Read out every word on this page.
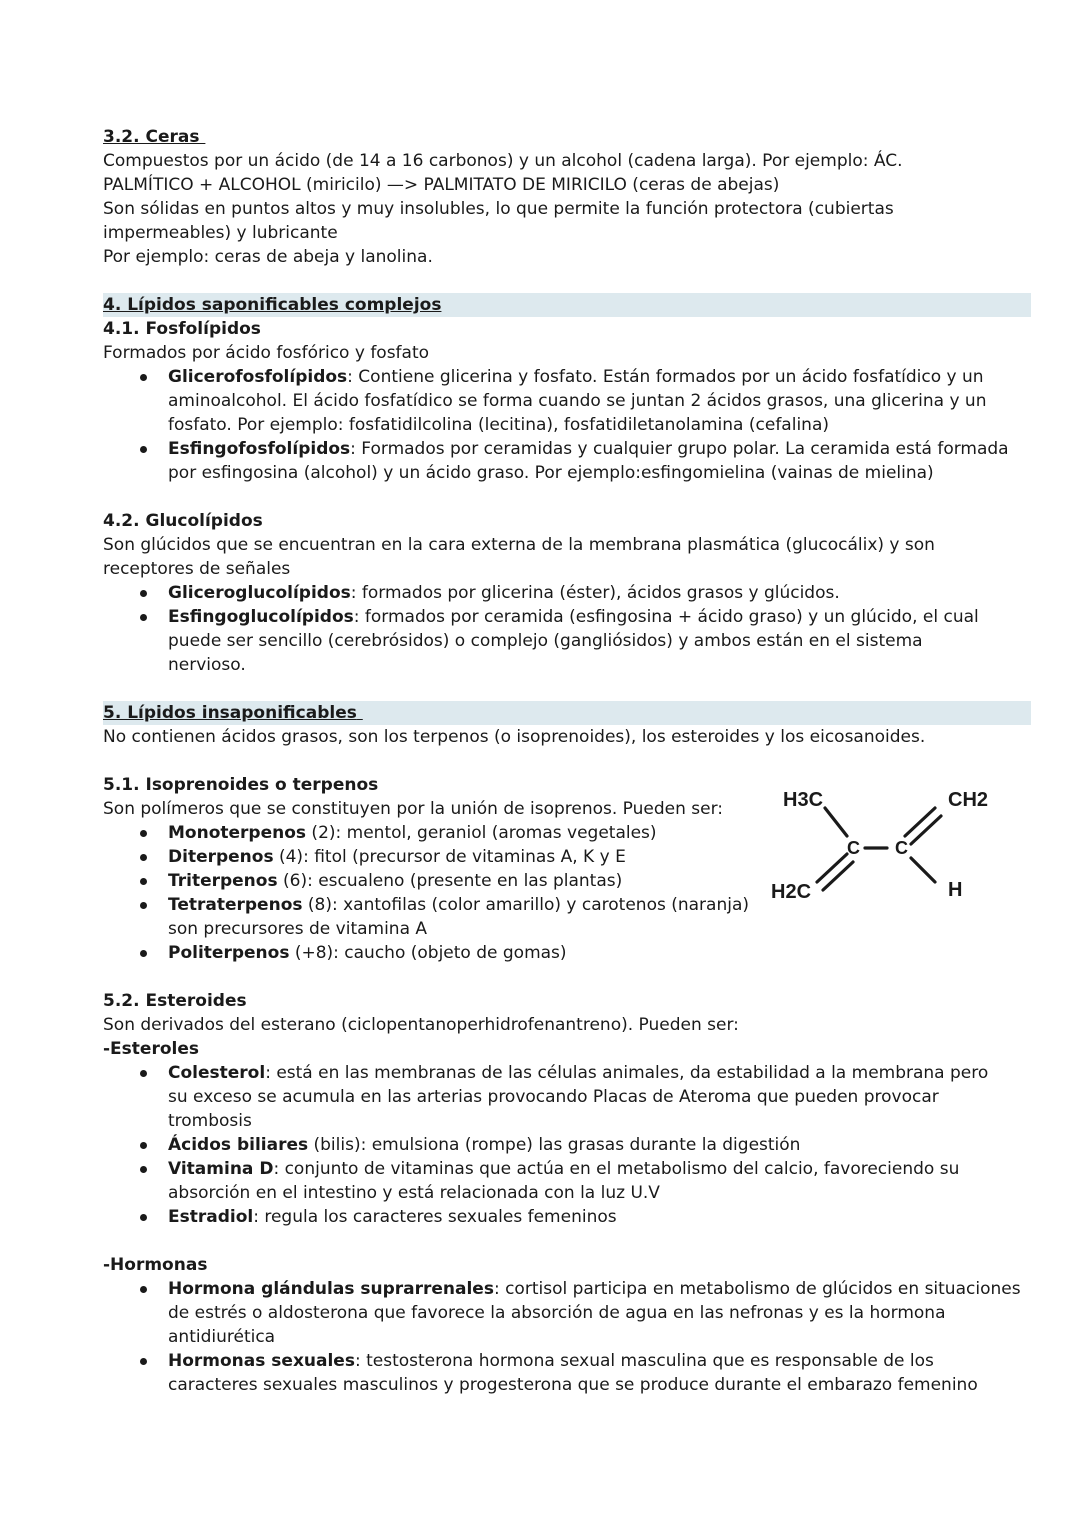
3.2. Ceras
Compuestos por un ácido (de 14 a 16 carbonos) y un alcohol (cadena larga). Por ejemplo: ÁC.
PALMÍTICO + ALCOHOL (miricilo) —> PALMITATO DE MIRICILO (ceras de abejas)
Son sólidas en puntos altos y muy insolubles, lo que permite la función protectora (cubiertas
impermeables) y lubricante
Por ejemplo: ceras de abeja y lanolina.
4. Lípidos saponificables complejos
4.1. Fosfolípidos
Formados por ácido fosfórico y fosfato
Glicerofosfolípidos: Contiene glicerina y fosfato. Están formados por un ácido fosfatídico y un
aminoalcohol. El ácido fosfatídico se forma cuando se juntan 2 ácidos grasos, una glicerina y un
fosfato. Por ejemplo: fosfatidilcolina (lecitina), fosfatidiletanolamina (cefalina)
Esfingofosfolípidos: Formados por ceramidas y cualquier grupo polar. La ceramida está formada
por esfingosina (alcohol) y un ácido graso. Por ejemplo:esfingomielina (vainas de mielina)
4.2. Glucolípidos
Son glúcidos que se encuentran en la cara externa de la membrana plasmática (glucocálix) y son
receptores de señales
Gliceroglucolípidos: formados por glicerina (éster), ácidos grasos y glúcidos.
Esfingoglucolípidos: formados por ceramida (esfingosina + ácido graso) y un glúcido, el cual
puede ser sencillo (cerebrósidos) o complejo (gangliósidos) y ambos están en el sistema
nervioso.
5. Lípidos insaponificables
No contienen ácidos grasos, son los terpenos (o isoprenoides), los esteroides y los eicosanoides.
5.1. Isoprenoides o terpenos
Son polímeros que se constituyen por la unión de isoprenos. Pueden ser:
Monoterpenos (2): mentol, geraniol (aromas vegetales)
Diterpenos (4): fitol (precursor de vitaminas A, K y E
Triterpenos (6): escualeno (presente en las plantas)
Tetraterpenos (8): xantofilas (color amarillo) y carotenos (naranja)
son precursores de vitamina A
Politerpenos (+8): caucho (objeto de gomas)
5.2. Esteroides
Son derivados del esterano (ciclopentanoperhidrofenantreno). Pueden ser:
-Esteroles
Colesterol: está en las membranas de las células animales, da estabilidad a la membrana pero
su exceso se acumula en las arterias provocando Placas de Ateroma que pueden provocar
trombosis
Ácidos biliares (bilis): emulsiona (rompe) las grasas durante la digestión
Vitamina D: conjunto de vitaminas que actúa en el metabolismo del calcio, favoreciendo su
absorción en el intestino y está relacionada con la luz U.V
Estradiol: regula los caracteres sexuales femeninos
-Hormonas
Hormona glándulas suprarrenales: cortisol participa en metabolismo de glúcidos en situaciones
de estrés o aldosterona que favorece la absorción de agua en las nefronas y es la hormona
antidiurética
Hormonas sexuales: testosterona hormona sexual masculina que es responsable de los
caracteres sexuales masculinos y progesterona que se produce durante el embarazo femenino
H3C	CH2
C C
H2C	H
